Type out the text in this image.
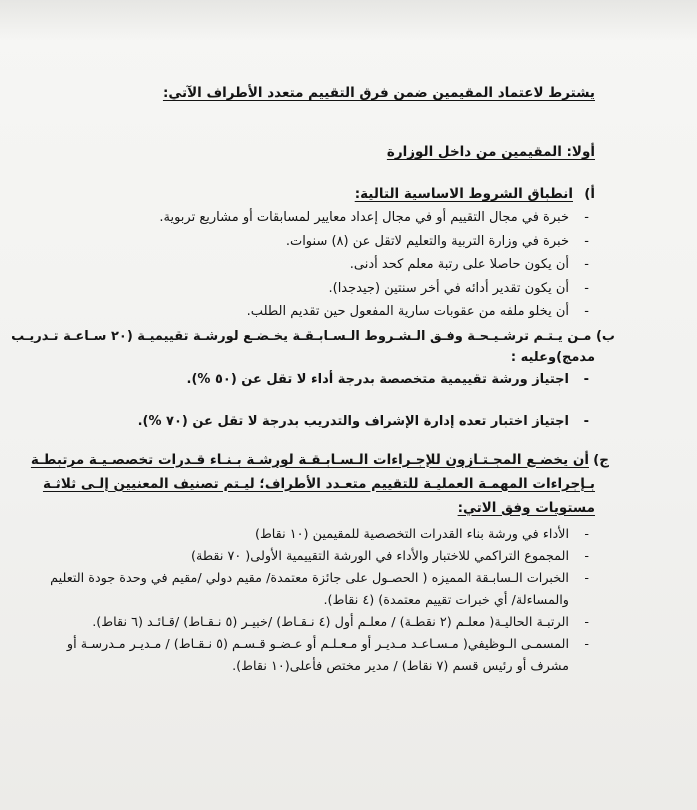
يشترط لاعتماد المقيمين ضمن فرق التقييم متعدد الأطراف الآتي:
أولا: المقيمين من داخل الوزارة
أ)انطباق الشروط الاساسية التالية:
- خبرة في مجال التقييم أو في مجال إعداد معايير لمسابقات أو مشاريع تربوية.
- خبرة في وزارة التربية والتعليم لاتقل عن (٨) سنوات.
- أن يكون حاصلا على رتبة معلم كحد أدنى.
- أن يكون تقدير أدائه في أخر سنتين (جيدجدا).
- أن يخلو ملفه من عقوبات سارية المفعول حين تقديم الطلب.
ب) مـن يـتـم ترشـيـحـة وفـق الـشـروط الـسـابـقـة يخـضـع لورشـة تقييميـة (٢٠ سـاعـة تـدريـب
مدمج)وعليه :
- اجتياز ورشة تقييمية متخصصة بدرجة أداء لا تقل عن (٥٠ %).
- اجتياز اختبار تعده إدارة الإشراف والتدريب بدرجة لا تقل عن (٧٠ %).
ج)أن يخضـع المجـتـازون للإجـراءات الـسـابـقـة لورشـة بـنـاء قـدرات تخصصـيـة مرتبطـة
بـإجراءات المهمـة العمليـة للتقييم متعـدد الأطراف؛ ليـتم تصنيف المعنيين إلـى ثلاثـة
مستويات وفق الاتي:
- الأداء في ورشة بناء القدرات التخصصية للمقيمين (١٠ نقاط)
- المجموع التراكمي للاختبار والأداء في الورشة التقييمية الأولى( ٧٠ نقطة)
- الخبرات الـسابـقة المميزه ( الحصـول على جائزة معتمدة/ مقيم دولي /مقيم في وحدة جودة التعليم والمساءلة/ أي خبرات تقييم معتمدة) (٤ نقاط).
- الرتبـة الحاليـة( معلـم (٢ نقطـة) / معلـم أول (٤ نـقـاط) /خبيـر (٥ نـقـاط) /قـائـد (٦ نقاط).
- المسمـى الـوظيفي( مـسـاعـد مـديـر أو مـعـلـم أو عـضـو قـسـم (٥ نـقـاط) / مـديـر مـدرسـة أو مشرف أو رئيس قسم (٧ نقاط) / مدير مختص فأعلى(١٠ نقاط).
